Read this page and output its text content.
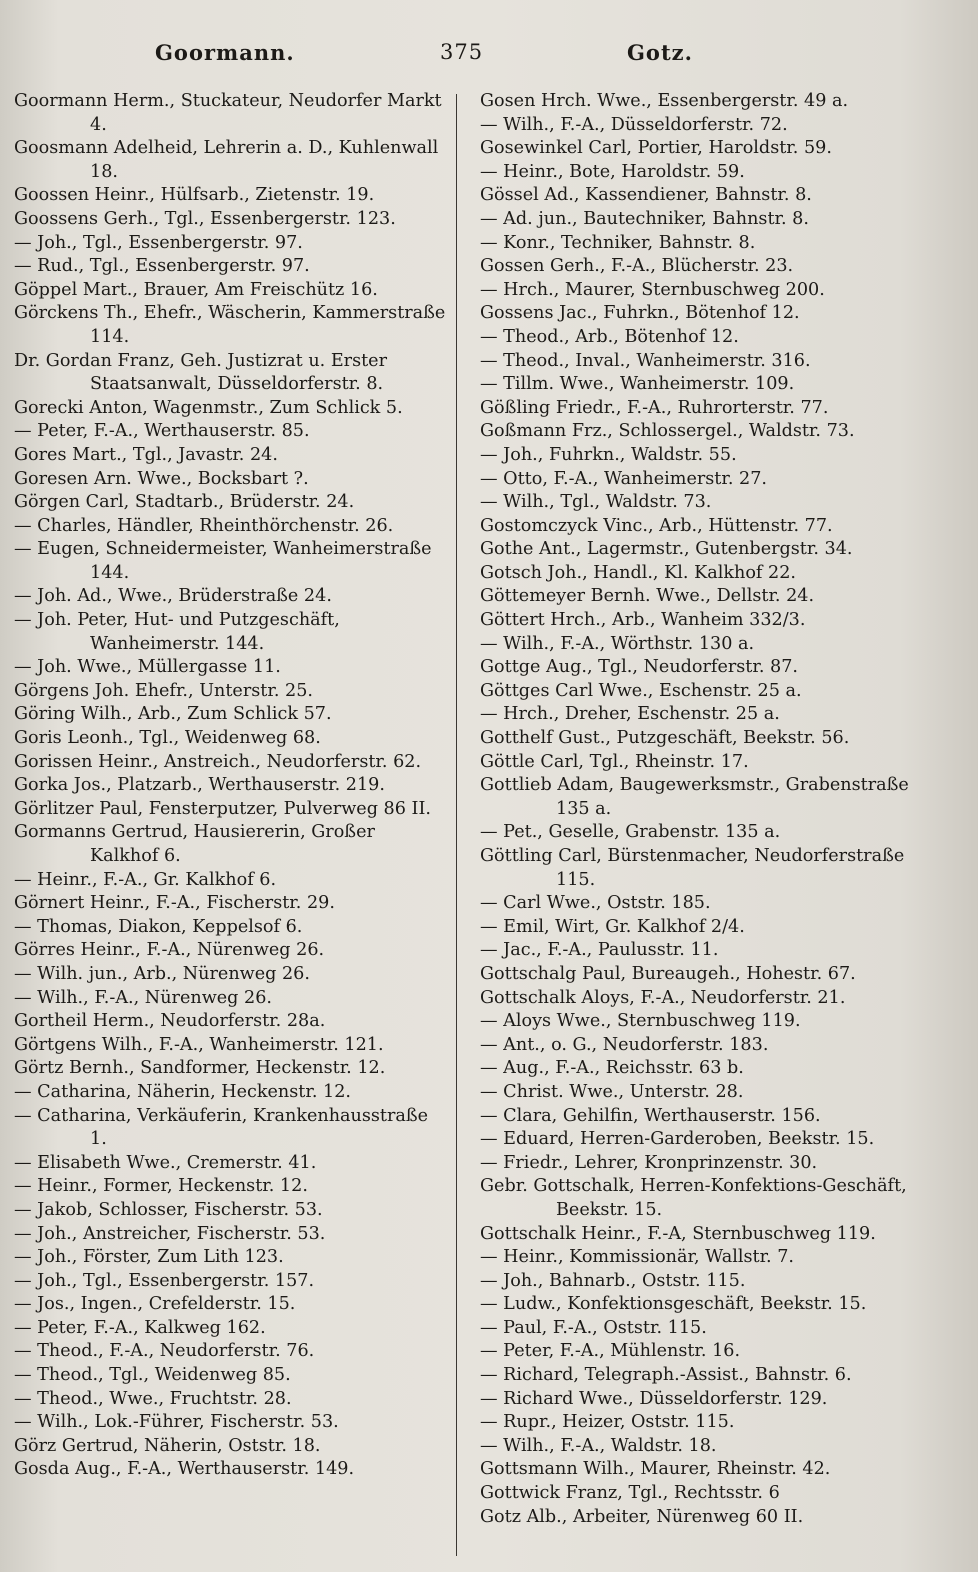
Goormann.	375	Gotz.
Goormann Herm., Stuckateur, Neudorfer Markt 4.
Goosmann Adelheid, Lehrerin a. D., Kuhlenwall 18.
Goossen Heinr., Hülfsarb., Zietenstr. 19.
Goossens Gerh., Tgl., Essenbergerstr. 123.
— Joh., Tgl., Essenbergerstr. 97.
— Rud., Tgl., Essenbergerstr. 97.
Göppel Mart., Brauer, Am Freischütz 16.
Görckens Th., Ehefr., Wäscherin, Kammerstraße 114.
Dr. Gordan Franz, Geh. Justizrat u. Erster Staatsanwalt, Düsseldorferstr. 8.
Gorecki Anton, Wagenmstr., Zum Schlick 5.
— Peter, F.-A., Werthauserstr. 85.
Gores Mart., Tgl., Javastr. 24.
Goresen Arn. Wwe., Bocksbart ?.
Görgen Carl, Stadtarb., Brüderstr. 24.
— Charles, Händler, Rheinthörchenstr. 26.
— Eugen, Schneidermeister, Wanheimerstraße 144.
— Joh. Ad., Wwe., Brüderstraße 24.
— Joh. Peter, Hut- und Putzgeschäft, Wanheimerstr. 144.
— Joh. Wwe., Müllergasse 11.
Görgens Joh. Ehefr., Unterstr. 25.
Göring Wilh., Arb., Zum Schlick 57.
Goris Leonh., Tgl., Weidenweg 68.
Gorissen Heinr., Anstreich., Neudorferstr. 62.
Gorka Jos., Platzarb., Werthauserstr. 219.
Görlitzer Paul, Fensterputzer, Pulverweg 86 II.
Gormanns Gertrud, Hausiererin, Großer Kalkhof 6.
— Heinr., F.-A., Gr. Kalkhof 6.
Görnert Heinr., F.-A., Fischerstr. 29.
— Thomas, Diakon, Keppelsof 6.
Görres Heinr., F.-A., Nürenweg 26.
— Wilh. jun., Arb., Nürenweg 26.
— Wilh., F.-A., Nürenweg 26.
Gortheil Herm., Neudorferstr. 28a.
Görtgens Wilh., F.-A., Wanheimerstr. 121.
Görtz Bernh., Sandformer, Heckenstr. 12.
— Catharina, Näherin, Heckenstr. 12.
— Catharina, Verkäuferin, Krankenhausstraße 1.
— Elisabeth Wwe., Cremerstr. 41.
— Heinr., Former, Heckenstr. 12.
— Jakob, Schlosser, Fischerstr. 53.
— Joh., Anstreicher, Fischerstr. 53.
— Joh., Förster, Zum Lith 123.
— Joh., Tgl., Essenbergerstr. 157.
— Jos., Ingen., Crefelderstr. 15.
— Peter, F.-A., Kalkweg 162.
— Theod., F.-A., Neudorferstr. 76.
— Theod., Tgl., Weidenweg 85.
— Theod., Wwe., Fruchtstr. 28.
— Wilh., Lok.-Führer, Fischerstr. 53.
Görz Gertrud, Näherin, Oststr. 18.
Gosda Aug., F.-A., Werthauserstr. 149.
Gosen Hrch. Wwe., Essenbergerstr. 49 a.
— Wilh., F.-A., Düsseldorferstr. 72.
Gosewinkel Carl, Portier, Haroldstr. 59.
— Heinr., Bote, Haroldstr. 59.
Gössel Ad., Kassendiener, Bahnstr. 8.
— Ad. jun., Bautechniker, Bahnstr. 8.
— Konr., Techniker, Bahnstr. 8.
Gossen Gerh., F.-A., Blücherstr. 23.
— Hrch., Maurer, Sternbuschweg 200.
Gossens Jac., Fuhrkn., Bötenhof 12.
— Theod., Arb., Bötenhof 12.
— Theod., Inval., Wanheimerstr. 316.
— Tillm. Wwe., Wanheimerstr. 109.
Gößling Friedr., F.-A., Ruhrorterstr. 77.
Goßmann Frz., Schlossergel., Waldstr. 73.
— Joh., Fuhrkn., Waldstr. 55.
— Otto, F.-A., Wanheimerstr. 27.
— Wilh., Tgl., Waldstr. 73.
Gostomczyck Vinc., Arb., Hüttenstr. 77.
Gothe Ant., Lagermstr., Gutenbergstr. 34.
Gotsch Joh., Handl., Kl. Kalkhof 22.
Göttemeyer Bernh. Wwe., Dellstr. 24.
Göttert Hrch., Arb., Wanheim 332/3.
— Wilh., F.-A., Wörthstr. 130 a.
Gottge Aug., Tgl., Neudorferstr. 87.
Göttges Carl Wwe., Eschenstr. 25 a.
— Hrch., Dreher, Eschenstr. 25 a.
Gotthelf Gust., Putzgeschäft, Beekstr. 56.
Göttle Carl, Tgl., Rheinstr. 17.
Gottlieb Adam, Baugewerksmstr., Grabenstraße 135 a.
— Pet., Geselle, Grabenstr. 135 a.
Göttling Carl, Bürstenmacher, Neudorferstraße 115.
— Carl Wwe., Oststr. 185.
— Emil, Wirt, Gr. Kalkhof 2/4.
— Jac., F.-A., Paulusstr. 11.
Gottschalg Paul, Bureaugeh., Hohestr. 67.
Gottschalk Aloys, F.-A., Neudorferstr. 21.
— Aloys Wwe., Sternbuschweg 119.
— Ant., o. G., Neudorferstr. 183.
— Aug., F.-A., Reichsstr. 63 b.
— Christ. Wwe., Unterstr. 28.
— Clara, Gehilfin, Werthauserstr. 156.
— Eduard, Herren-Garderoben, Beekstr. 15.
— Friedr., Lehrer, Kronprinzenstr. 30.
Gebr. Gottschalk, Herren-Konfektions-Geschäft, Beekstr. 15.
Gottschalk Heinr., F.-A, Sternbuschweg 119.
— Heinr., Kommissionär, Wallstr. 7.
— Joh., Bahnarb., Oststr. 115.
— Ludw., Konfektionsgeschäft, Beekstr. 15.
— Paul, F.-A., Oststr. 115.
— Peter, F.-A., Mühlenstr. 16.
— Richard, Telegraph.-Assist., Bahnstr. 6.
— Richard Wwe., Düsseldorferstr. 129.
— Rupr., Heizer, Oststr. 115.
— Wilh., F.-A., Waldstr. 18.
Gottsmann Wilh., Maurer, Rheinstr. 42.
Gottwick Franz, Tgl., Rechtsstr. 6
Gotz Alb., Arbeiter, Nürenweg 60 II.
